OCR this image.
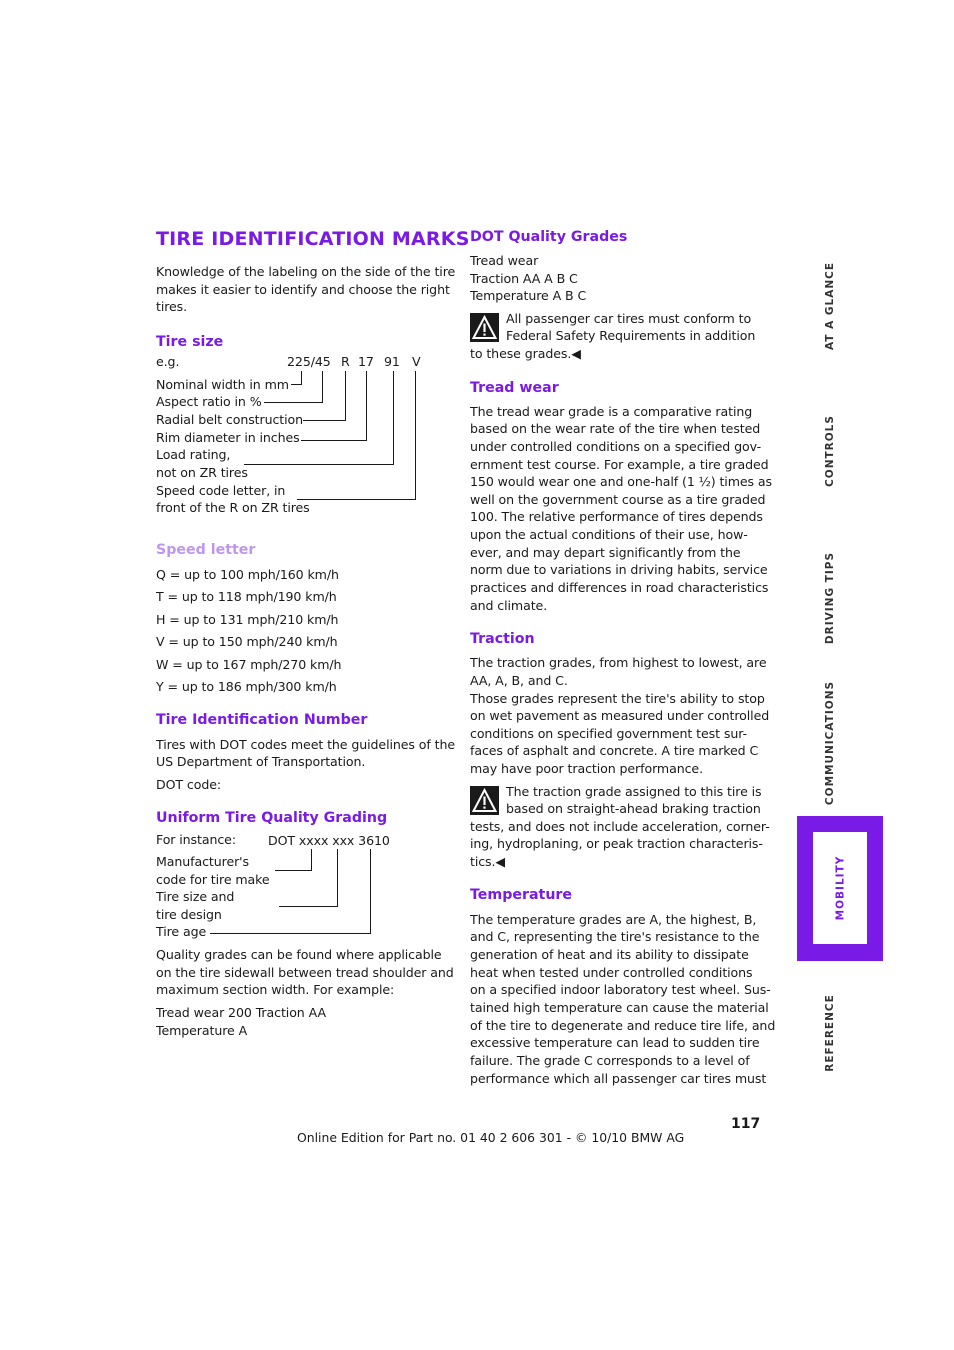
TIRE IDENTIFICATION MARKS
Knowledge of the labeling on the side of the tire
makes it easier to identify and choose the right
tires.
Tire size
e.g.	225/45 R 17 91 V
Nominal width in mm
Aspect ratio in %
Radial belt construction
Rim diameter in inches
Load rating,
not on ZR tires
Speed code letter, in
front of the R on ZR tires
Speed letter
Q = up to 100 mph/160 km/h
T = up to 118 mph/190 km/h
H = up to 131 mph/210 km/h
V = up to 150 mph/240 km/h
W = up to 167 mph/270 km/h
Y = up to 186 mph/300 km/h
Tire Identification Number
Tires with DOT codes meet the guidelines of the
US Department of Transportation.
DOT code:
Uniform Tire Quality Grading
For instance:	DOT xxxx xxx 3610
Manufacturer's
code for tire make
Tire size and
tire design
Tire age
Quality grades can be found where applicable
on the tire sidewall between tread shoulder and
maximum section width. For example:
Tread wear 200 Traction AA
Temperature A
DOT Quality Grades
Tread wear
Traction AA A B C
Temperature A B C
All passenger car tires must conform to
Federal Safety Requirements in addition
to these grades.◀
Tread wear
The tread wear grade is a comparative rating
based on the wear rate of the tire when tested
under controlled conditions on a specified gov-
ernment test course. For example, a tire graded
150 would wear one and one-half (1 ½) times as
well on the government course as a tire graded
100. The relative performance of tires depends
upon the actual conditions of their use, how-
ever, and may depart significantly from the
norm due to variations in driving habits, service
practices and differences in road characteristics
and climate.
Traction
The traction grades, from highest to lowest, are
AA, A, B, and C.
Those grades represent the tire's ability to stop
on wet pavement as measured under controlled
conditions on specified government test sur-
faces of asphalt and concrete. A tire marked C
may have poor traction performance.
The traction grade assigned to this tire is
based on straight-ahead braking traction
tests, and does not include acceleration, corner-
ing, hydroplaning, or peak traction characteris-
tics.◀
Temperature
The temperature grades are A, the highest, B,
and C, representing the tire's resistance to the
generation of heat and its ability to dissipate
heat when tested under controlled conditions
on a specified indoor laboratory test wheel. Sus-
tained high temperature can cause the material
of the tire to degenerate and reduce tire life, and
excessive temperature can lead to sudden tire
failure. The grade C corresponds to a level of
performance which all passenger car tires must
AT A GLANCE
CONTROLS
DRIVING TIPS
COMMUNICATIONS
MOBILITY
REFERENCE
117
Online Edition for Part no. 01 40 2 606 301 - © 10/10 BMW AG
